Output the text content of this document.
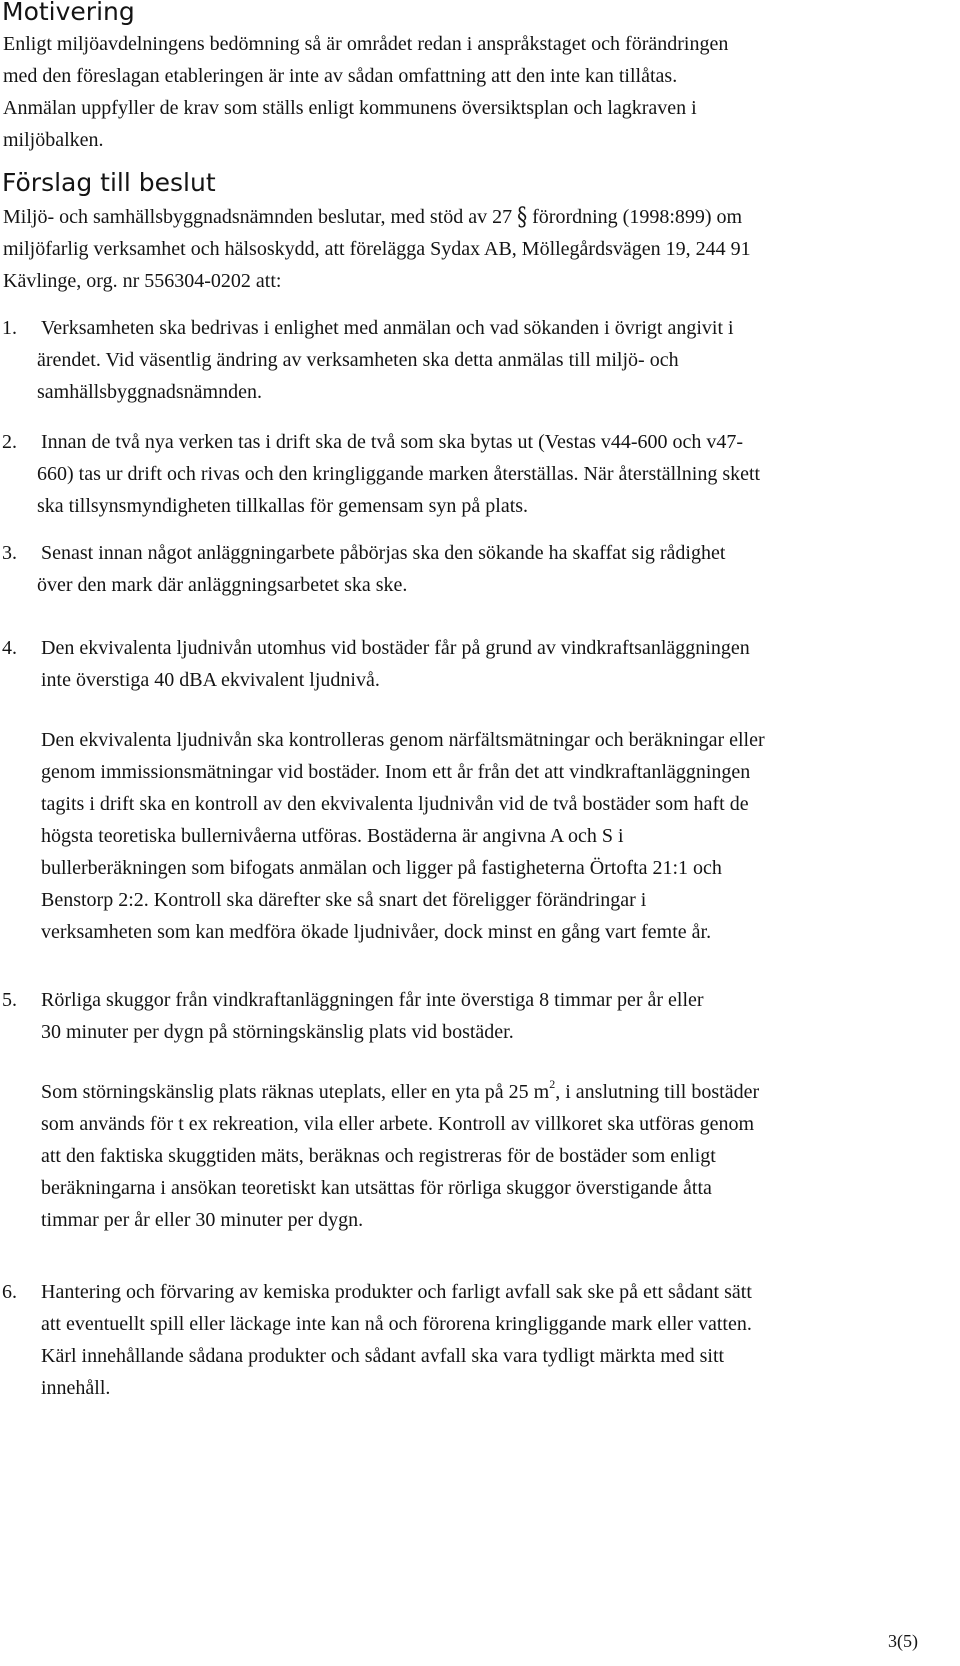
Motivering

Enligt miljöavdelningens bedömning så är området redan i anspråkstaget och förändringen
med den föreslagan etableringen är inte av sådan omfattning att den inte kan tillåtas.
Anmälan uppfyller de krav som ställs enligt kommunens översiktsplan och lagkraven i
miljöbalken.

Förslag till beslut

Miljö- och samhällsbyggnadsnämnden beslutar, med stöd av 27 § förordning (1998:899) om
miljöfarlig verksamhet och hälsoskydd, att förelägga Sydax AB, Möllegårdsvägen 19, 244 91
Kävlinge, org. nr 556304-0202 att:

1.	Verksamheten ska bedrivas i enlighet med anmälan och vad sökanden i övrigt angivit i

ärendet. Vid väsentlig ändring av verksamheten ska detta anmälas till miljö- och
samhällsbyggnadsnämnden.

2.	Innan de två nya verken tas i drift ska de två som ska bytas ut (Vestas v44-600 och v47-

660) tas ur drift och rivas och den kringliggande marken återställas. När återställning skett
ska tillsynsmyndigheten tillkallas för gemensam syn på plats.

3.	Senast innan något anläggningarbete påbörjas ska den sökande ha skaffat sig rådighet

över den mark där anläggningsarbetet ska ske.

4.	Den ekvivalenta ljudnivån utomhus vid bostäder får på grund av vindkraftsanläggningen
inte överstiga 40 dBA ekvivalent ljudnivå.
Den ekvivalenta ljudnivån ska kontrolleras genom närfältsmätningar och beräkningar eller
genom immissionsmätningar vid bostäder. Inom ett år från det att vindkraftanläggningen
tagits i drift ska en kontroll av den ekvivalenta ljudnivån vid de två bostäder som haft de
högsta teoretiska bullernivåerna utföras. Bostäderna är angivna A och S i
bullerberäkningen som bifogats anmälan och ligger på fastigheterna Örtofta 21:1 och
Benstorp 2:2. Kontroll ska därefter ske så snart det föreligger förändringar i
verksamheten som kan medföra ökade ljudnivåer, dock minst en gång vart femte år.
5.	Rörliga skuggor från vindkraftanläggningen får inte överstiga 8 timmar per år eller
30 minuter per dygn på störningskänslig plats vid bostäder.
Som störningskänslig plats räknas uteplats, eller en yta på 25 $m^2$, i anslutning till bostäder
som används för t ex rekreation, vila eller arbete. Kontroll av villkoret ska utföras genom
att den faktiska skuggtiden mäts, beräknas och registreras för de bostäder som enligt
beräkningarna i ansökan teoretiskt kan utsättas för rörliga skuggor överstigande åtta
timmar per år eller 30 minuter per dygn.
6.	Hantering och förvaring av kemiska produkter och farligt avfall sak ske på ett sådant sätt
att eventuellt spill eller läckage inte kan nå och förorena kringliggande mark eller vatten.
Kärl innehållande sådana produkter och sådant avfall ska vara tydligt märkta med sitt
innehåll.
3(5)
